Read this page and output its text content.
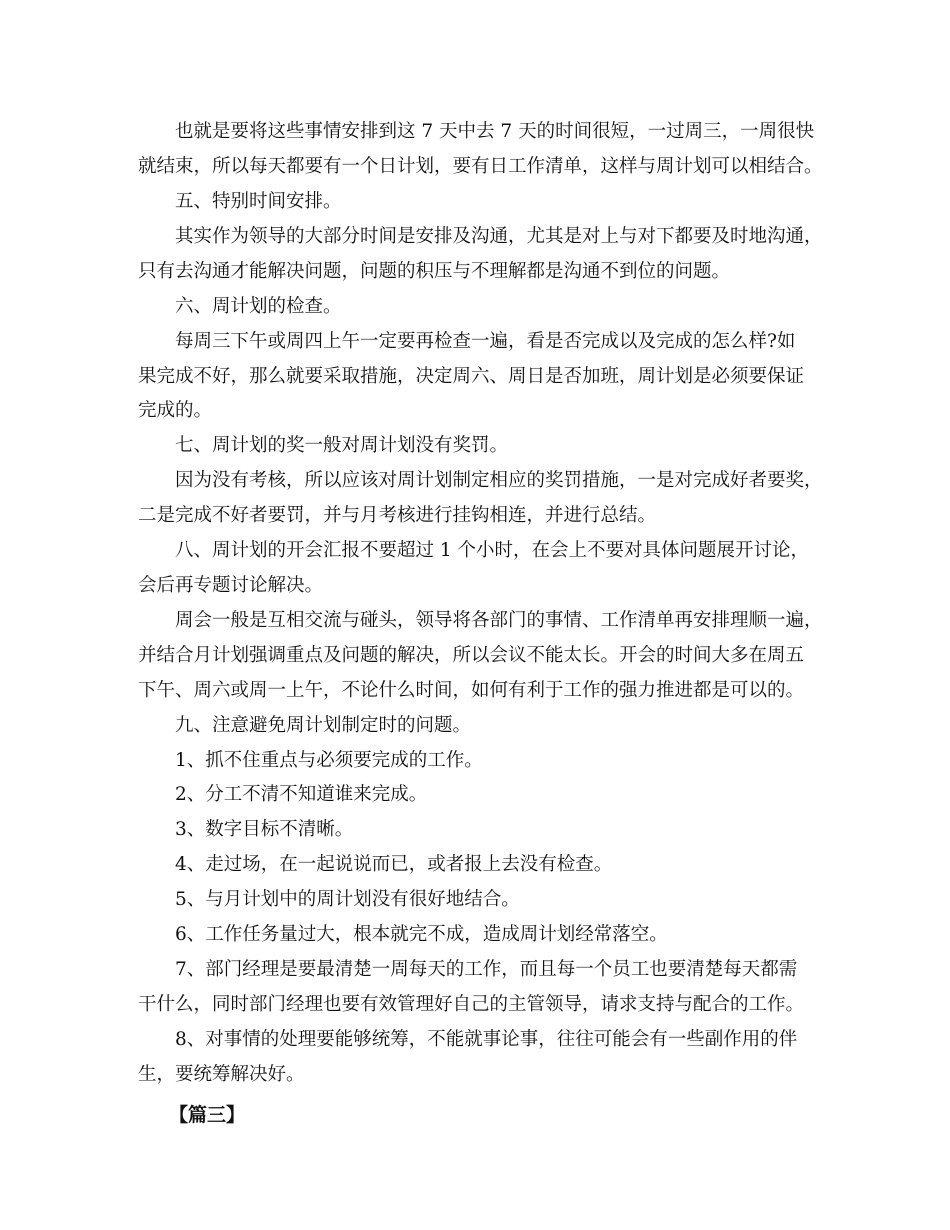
也就是要将这些事情安排到这 7 天中去 7 天的时间很短，一过周三，一周很快
就结束，所以每天都要有一个日计划，要有日工作清单，这样与周计划可以相结合。
五、特别时间安排。
其实作为领导的大部分时间是安排及沟通，尤其是对上与对下都要及时地沟通，
只有去沟通才能解决问题，问题的积压与不理解都是沟通不到位的问题。
六、周计划的检查。
每周三下午或周四上午一定要再检查一遍，看是否完成以及完成的怎么样?如
果完成不好，那么就要采取措施，决定周六、周日是否加班，周计划是必须要保证
完成的。
七、周计划的奖一般对周计划没有奖罚。
因为没有考核，所以应该对周计划制定相应的奖罚措施，一是对完成好者要奖，
二是完成不好者要罚，并与月考核进行挂钩相连，并进行总结。
八、周计划的开会汇报不要超过 1 个小时，在会上不要对具体问题展开讨论，
会后再专题讨论解决。
周会一般是互相交流与碰头，领导将各部门的事情、工作清单再安排理顺一遍，
并结合月计划强调重点及问题的解决，所以会议不能太长。开会的时间大多在周五
下午、周六或周一上午，不论什么时间，如何有利于工作的强力推进都是可以的。
九、注意避免周计划制定时的问题。
1、抓不住重点与必须要完成的工作。
2、分工不清不知道谁来完成。
3、数字目标不清晰。
4、走过场，在一起说说而已，或者报上去没有检查。
5、与月计划中的周计划没有很好地结合。
6、工作任务量过大，根本就完不成，造成周计划经常落空。
7、部门经理是要最清楚一周每天的工作，而且每一个员工也要清楚每天都需
干什么，同时部门经理也要有效管理好自己的主管领导，请求支持与配合的工作。
8、对事情的处理要能够统筹，不能就事论事，往往可能会有一些副作用的伴
生，要统筹解决好。
【篇三】
